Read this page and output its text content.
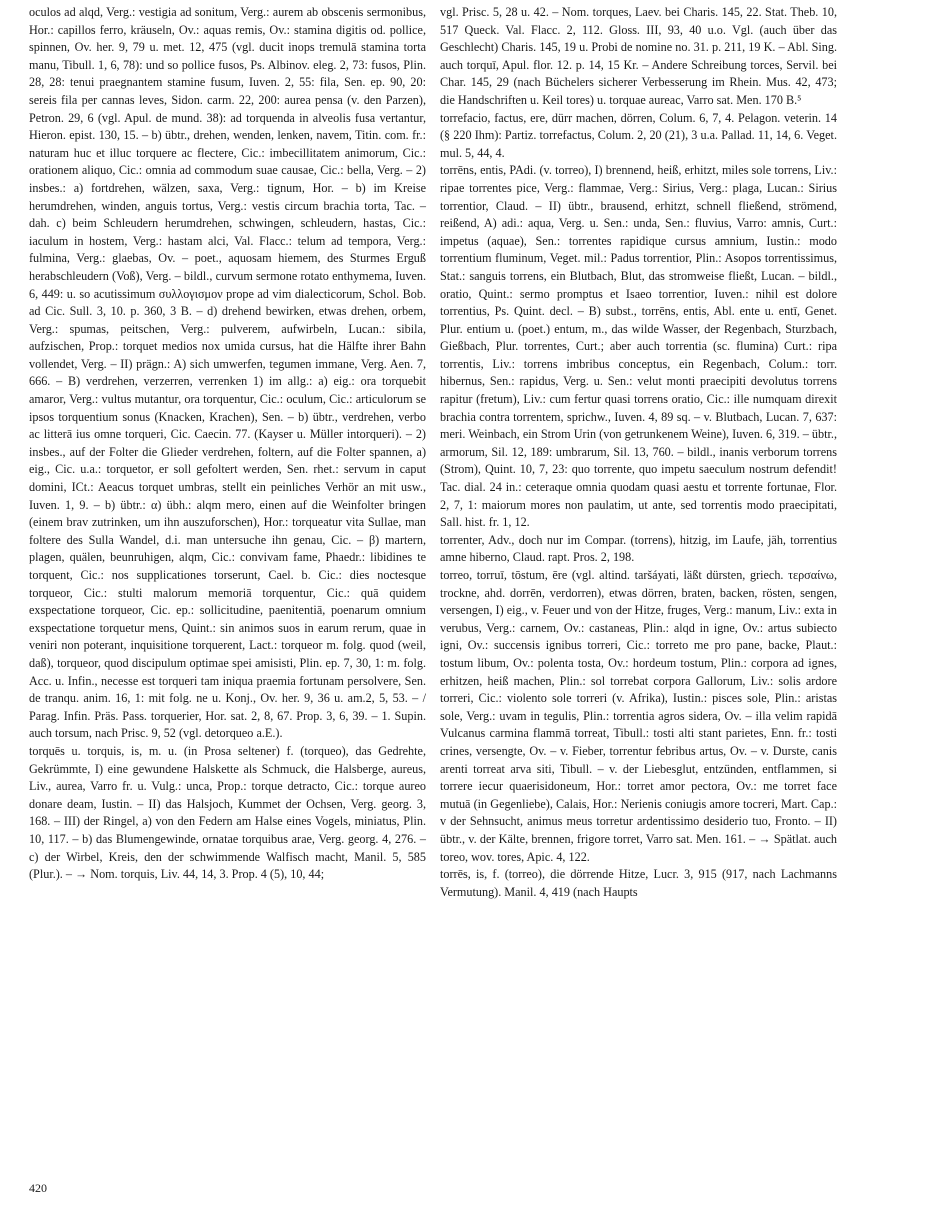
oculos ad alqd, Verg.: vestigia ad sonitum, Verg.: aurem ab obscenis sermonibus, Hor.: capillos ferro, kräuseln, Ov.: aquas remis, Ov.: stamina digitis od. pollice, spinnen, Ov. her. 9, 79 u. met. 12, 475 (vgl. ducit inops tremulā stamina torta manu, Tibull. 1, 6, 78): und so pollice fusos, Ps. Albinov. eleg. 2, 73: fusos, Plin. 28, 28: tenui praegnantem stamine fusum, Iuven. 2, 55: fila, Sen. ep. 90, 20: sereis fila per cannas leves, Sidon. carm. 22, 200: aurea pensa (v. den Parzen), Petron. 29, 6 (vgl. Apul. de mund. 38): ad torquenda in alveolis fusa vertantur, Hieron. epist. 130, 15. – b) übtr., drehen, wenden, lenken, navem, Titin. com. fr.: naturam huc et illuc torquere ac flectere, Cic.: imbecillitatem animorum, Cic.: orationem aliquo, Cic.: omnia ad commodum suae causae, Cic.: bella, Verg. – 2) insbes.: a) fortdrehen, wälzen, saxa, Verg.: tignum, Hor. – b) im Kreise herumdrehen, winden, anguis tortus, Verg.: vestis circum brachia torta, Tac. – dah. c) beim Schleudern herumdrehen, schwingen, schleudern, hastas, Cic.: iaculum in hostem, Verg.: hastam alci, Val. Flacc.: telum ad tempora, Verg.: fulmina, Verg.: glaebas, Ov. – poet., aquosam hiemem, des Sturmes Erguß herabschleudern (Voß), Verg. – bildl., curvum sermone rotato enthymema, Iuven. 6, 449: u. so acutissimum συλλογισμον prope ad vim dialecticorum, Schol. Bob. ad Cic. Sull. 3, 10. p. 360, 3 B. – d) drehend bewirken, etwas drehen, orbem, Verg.: spumas, peitschen, Verg.: pulverem, aufwirbeln, Lucan.: sibila, aufzischen, Prop.: torquet medios nox umida cursus, hat die Hälfte ihrer Bahn vollendet, Verg. – II) prägn.: A) sich umwerfen, tegumen immane, Verg. Aen. 7, 666. – B) verdrehen, verzerren, verrenken 1) im allg.: a) eig.: ora torquebit amaror, Verg.: vultus mutantur, ora torquentur, Cic.: oculum, Cic.: articulorum se ipsos torquentium sonus (Knacken, Krachen), Sen. – b) übtr., verdrehen, verbo ac litterā ius omne torqueri, Cic. Caecin. 77. (Kayser u. Müller intorqueri). – 2) insbes., auf der Folter die Glieder verdrehen, foltern, auf die Folter spannen, a) eig., Cic. u.a.: torquetor, er soll gefoltert werden, Sen. rhet.: servum in caput domini, ICt.: Aeacus torquet umbras, stellt ein peinliches Verhör an mit usw., Iuven. 1, 9. – b) übtr.: α) übh.: alqm mero, einen auf die Weinfolter bringen (einem brav zutrinken, um ihn auszuforschen), Hor.: torqueatur vita Sullae, man foltere des Sulla Wandel, d.i. man untersuche ihn genau, Cic. – β) martern, plagen, quälen, beunruhigen, alqm, Cic.: convivam fame, Phaedr.: libidines te torquent, Cic.: nos supplicationes torserunt, Cael. b. Cic.: dies noctesque torqueor, Cic.: stulti malorum memoriā torquentur, Cic.: quā quidem exspectatione torqueor, Cic. ep.: sollicitudine, paenitentiā, poenarum omnium exspectatione torquetur mens, Quint.: sin animos suos in earum rerum, quae in veniri non poterant, inquisitione torquerent, Lact.: torqueor m. folg. quod (weil, daß), torqueor, quod discipulum optimae spei amisisti, Plin. ep. 7, 30, 1: m. folg. Acc. u. Infin., necesse est torqueri tam iniqua praemia fortunam persolvere, Sen. de tranqu. anim. 16, 1: mit folg. ne u. Konj., Ov. her. 9, 36 u. am.2, 5, 53. – / Parag. Infin. Präs. Pass. torquerier, Hor. sat. 2, 8, 67. Prop. 3, 6, 39. – 1. Supin. auch torsum, nach Prisc. 9, 52 (vgl. detorqueo a.E.).

torquēs u. torquis, is, m. u. (in Prosa seltener) f. (torqueo), das Gedrehte, Gekrümmte, I) eine gewundene Halskette als Schmuck, die Halsberge, aureus, Liv., aurea, Varro fr. u. Vulg.: unca, Prop.: torque detracto, Cic.: torque aureo donare deam, Iustin. – II) das Halsjoch, Kummet der Ochsen, Verg. georg. 3, 168. – III) der Ringel, a) von den Federn am Halse eines Vogels, miniatus, Plin. 10, 117. – b) das Blumengewinde, ornatae torquibus arae, Verg. georg. 4, 276. – c) der Wirbel, Kreis, den der schwimmende Walfisch macht, Manil. 5, 585 (Plur.). – → Nom. torquis, Liv. 44, 14, 3. Prop. 4 (5), 10, 44;

vgl. Prisc. 5, 28 u. 42. – Nom. torques, Laev. bei Charis. 145, 22. Stat. Theb. 10, 517 Queck. Val. Flacc. 2, 112. Gloss. III, 93, 40 u.o. Vgl. (auch über das Geschlecht) Charis. 145, 19 u. Probi de nomine no. 31. p. 211, 19 K. – Abl. Sing. auch torquī, Apul. flor. 12. p. 14, 15 Kr. – Andere Schreibung torces, Servil. bei Char. 145, 29 (nach Büchelers sicherer Verbesserung im Rhein. Mus. 42, 473; die Handschriften u. Keil tores) u. torquae aureac, Varro sat. Men. 170 B.⁵

torrefacio, factus, ere, dürr machen, dörren, Colum. 6, 7, 4. Pelagon. veterin. 14 (§ 220 Ihm): Partiz. torrefactus, Colum. 2, 20 (21), 3 u.a. Pallad. 11, 14, 6. Veget. mul. 5, 44, 4.

torrēns, entis, PAdi. (v. torreo), I) brennend, heiß, erhitzt, miles sole torrens, Liv.: ripae torrentes pice, Verg.: flammae, Verg.: Sirius, Verg.: plaga, Lucan.: Sirius torrentior, Claud. – II) übtr., brausend, erhitzt, schnell fließend, strömend, reißend, A) adi.: aqua, Verg. u. Sen.: unda, Sen.: fluvius, Varro: amnis, Curt.: impetus (aquae), Sen.: torrentes rapidique cursus amnium, Iustin.: modo torrentium fluminum, Veget. mil.: Padus torrentior, Plin.: Asopos torrentissimus, Stat.: sanguis torrens, ein Blutbach, Blut, das stromweise fließt, Lucan. – bildl., oratio, Quint.: sermo promptus et Isaeo torrentior, Iuven.: nihil est dolore torrentius, Ps. Quint. decl. – B) subst., torrēns, entis, Abl. ente u. entī, Genet. Plur. entium u. (poet.) entum, m., das wilde Wasser, der Regenbach, Sturzbach, Gießbach, Plur. torrentes, Curt.; aber auch torrentia (sc. flumina) Curt.: ripa torrentis, Liv.: torrens imbribus conceptus, ein Regenbach, Colum.: torr. hibernus, Sen.: rapidus, Verg. u. Sen.: velut monti praecipiti devolutus torrens rapitur (fretum), Liv.: cum fertur quasi torrens oratio, Cic.: ille numquam direxit brachia contra torrentem, sprichw., Iuven. 4, 89 sq. – v. Blutbach, Lucan. 7, 637: meri. Weinbach, ein Strom Urin (von getrunkenem Weine), Iuven. 6, 319. – übtr., armorum, Sil. 12, 189: umbrarum, Sil. 13, 760. – bildl., inanis verborum torrens (Strom), Quint. 10, 7, 23: quo torrente, quo impetu saeculum nostrum defendit! Tac. dial. 24 in.: ceteraque omnia quodam quasi aestu et torrente fortunae, Flor. 2, 7, 1: maiorum mores non paulatim, ut ante, sed torrentis modo praecipitati, Sall. hist. fr. 1, 12.

torrenter, Adv., doch nur im Compar. (torrens), hitzig, im Laufe, jäh, torrentius amne hiberno, Claud. rapt. Pros. 2, 198.

torreo, torruī, tōstum, ēre (vgl. altind. taršáyati, läßt dürsten, griech. τερσαίνω, trockne, ahd. dorrēn, verdorren), etwas dörren, braten, backen, rösten, sengen, versengen, I) eig., v. Feuer und von der Hitze, fruges, Verg.: manum, Liv.: exta in verubus, Verg.: carnem, Ov.: castaneas, Plin.: alqd in igne, Ov.: artus subiecto igni, Ov.: succensis ignibus torreri, Cic.: torreto me pro pane, backe, Plaut.: tostum libum, Ov.: polenta tosta, Ov.: hordeum tostum, Plin.: corpora ad ignes, erhitzen, heiß machen, Plin.: sol torrebat corpora Gallorum, Liv.: solis ardore torreri, Cic.: violento sole torreri (v. Afrika), Iustin.: pisces sole, Plin.: aristas sole, Verg.: uvam in tegulis, Plin.: torrentia agros sidera, Ov. – illa velim rapidā Vulcanus carmina flammā torreat, Tibull.: tosti alti stant parietes, Enn. fr.: tosti crines, versengte, Ov. – v. Fieber, torrentur febribus artus, Ov. – v. Durste, canis arenti torreat arva siti, Tibull. – v. der Liebesglut, entzünden, entflammen, si torrere iecur quaerisidoneum, Hor.: torret amor pectora, Ov.: me torret face mutuā (in Gegenliebe), Calais, Hor.: Nerienis coniugis amore tocreri, Mart. Cap.: v der Sehnsucht, animus meus torretur ardentissimo desiderio tuo, Fronto. – II) übtr., v. der Kälte, brennen, frigore torret, Varro sat. Men. 161. – → Spätlat. auch toreo, wov. tores, Apic. 4, 122.

torrēs, is, f. (torreo), die dörrende Hitze, Lucr. 3, 915 (917, nach Lachmanns Vermutung). Manil. 4, 419 (nach Haupts

420
